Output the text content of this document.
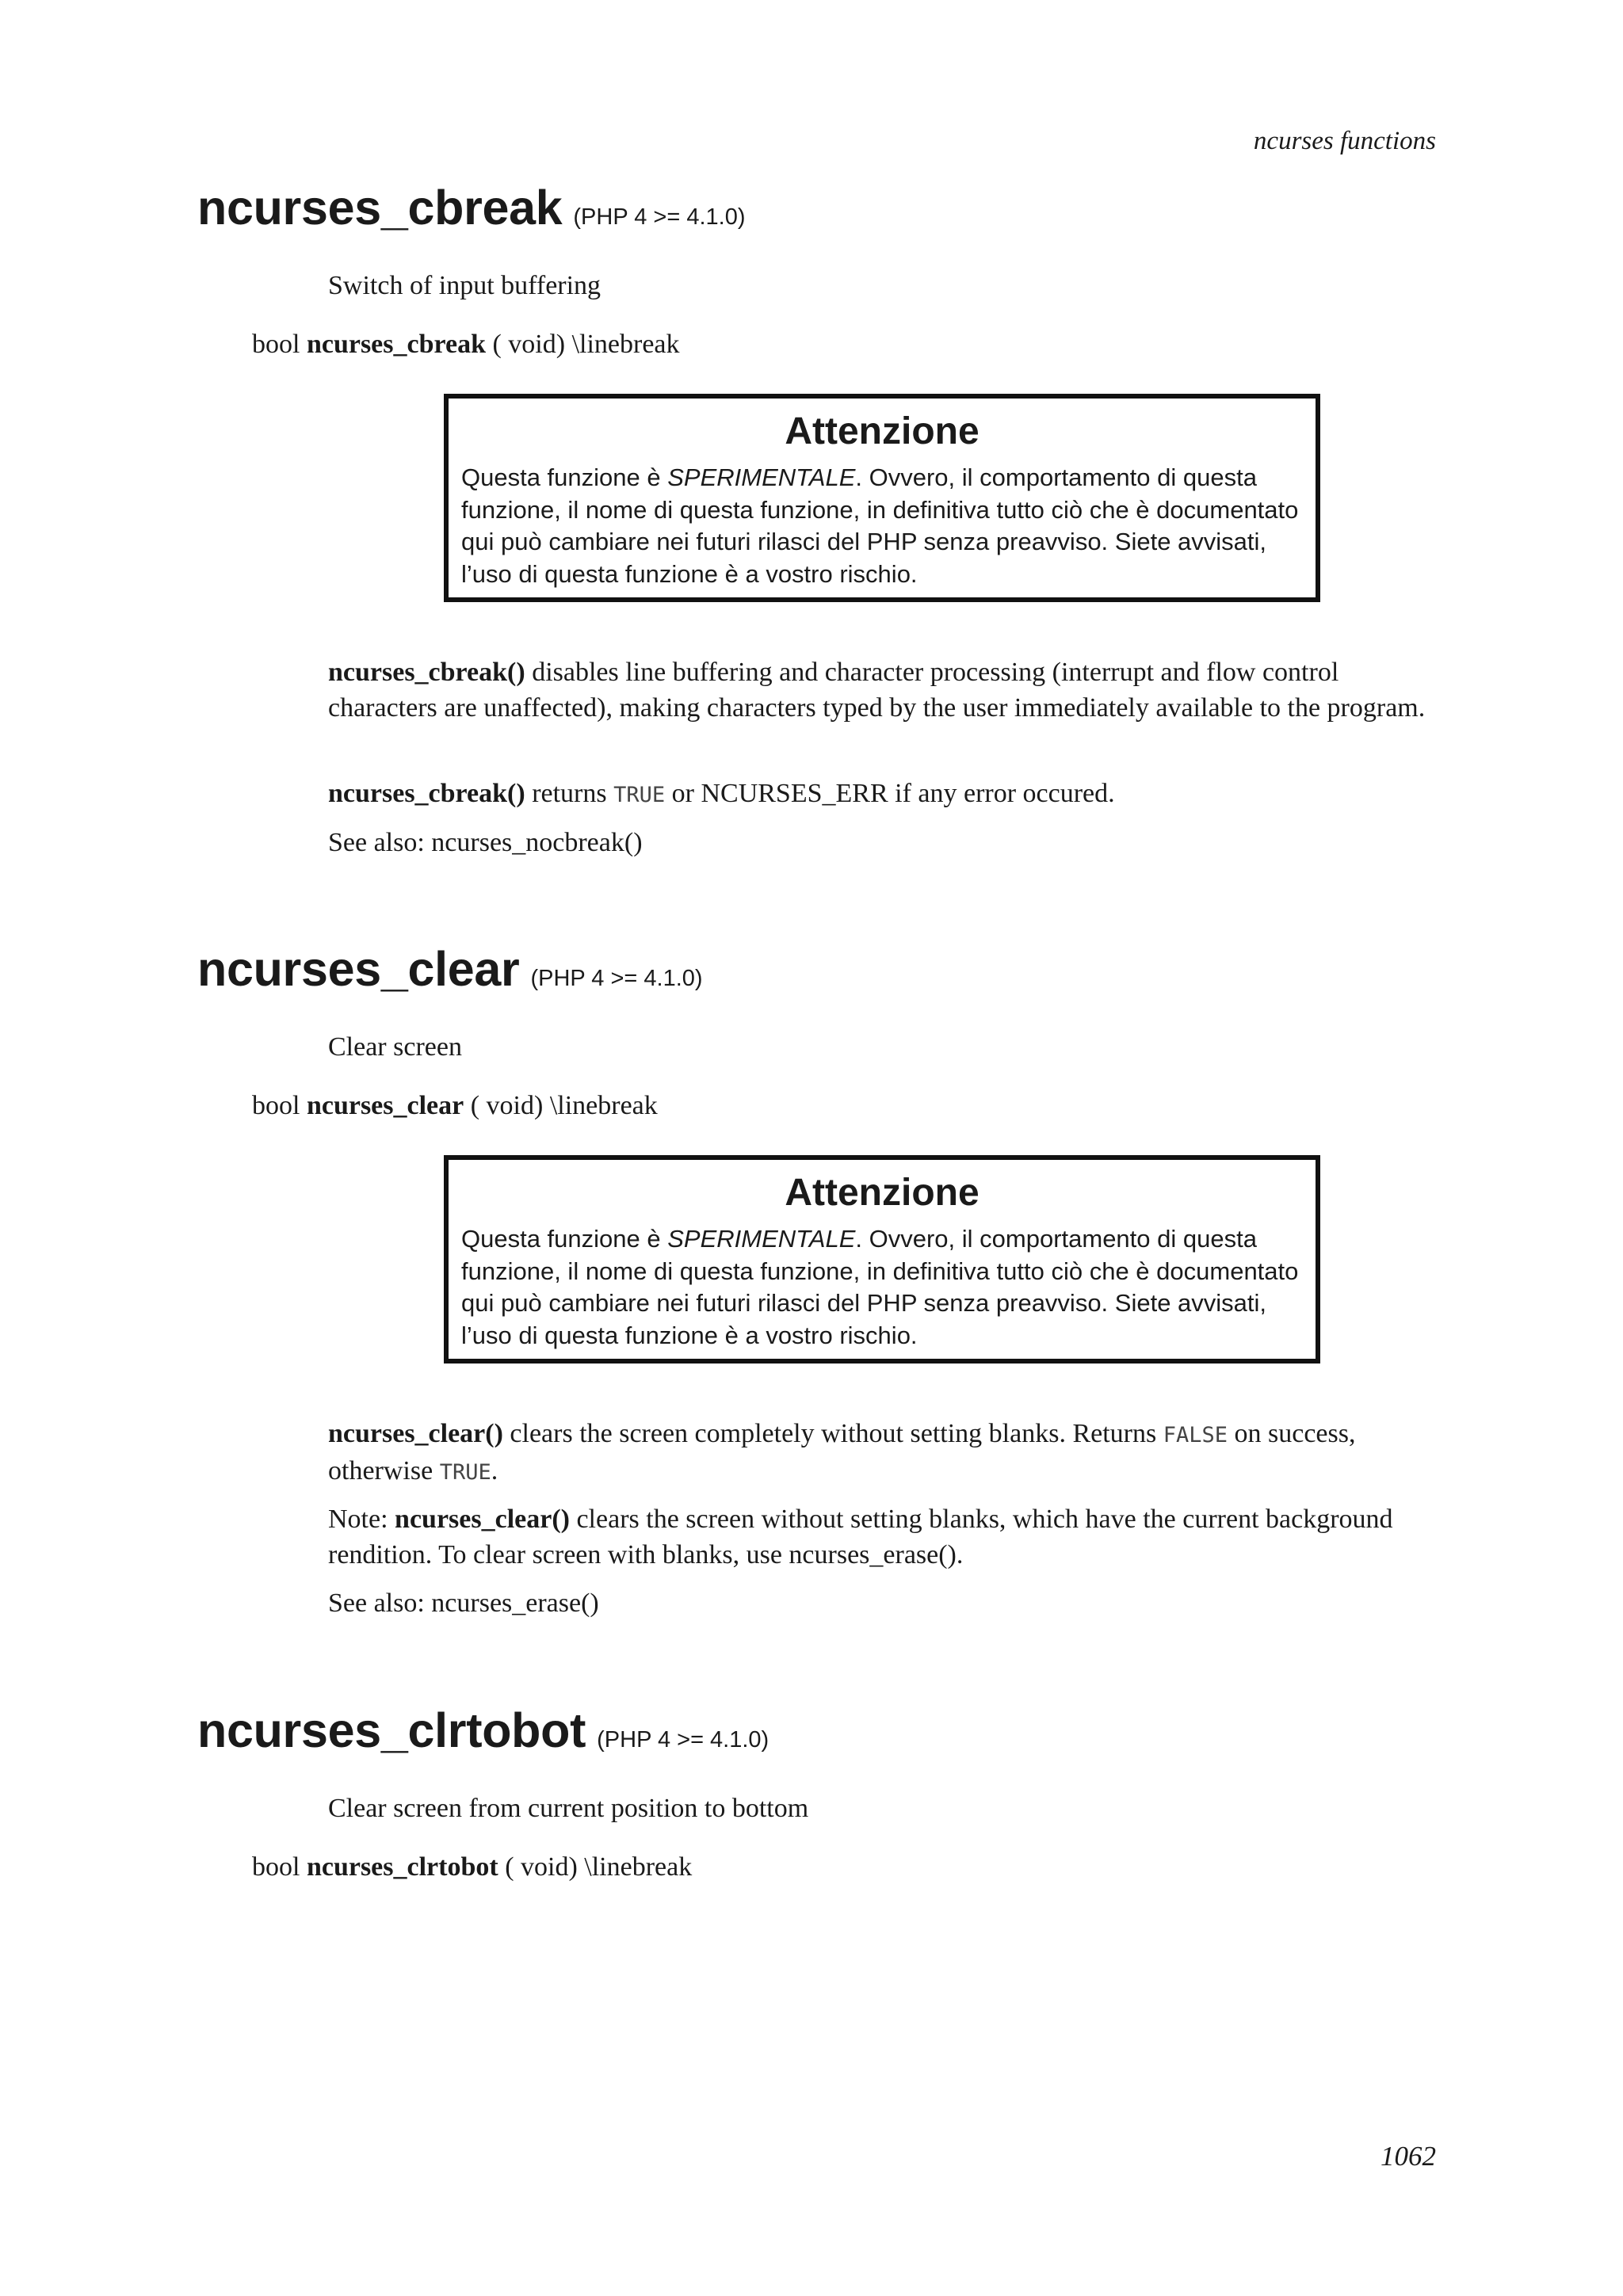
ncurses functions
ncurses_cbreak (PHP 4 >= 4.1.0)

Switch of input buffering

bool ncurses_cbreak ( void) \linebreak

Attenzione

Questa funzione è SPERIMENTALE. Ovvero, il comportamento di questa
funzione, il nome di questa funzione, in definitiva tutto ciò che è documentato
qui può cambiare nei futuri rilasci del PHP senza preavviso. Siete avvisati,
l’uso di questa funzione è a vostro rischio.

ncurses_cbreak() disables line buffering and character processing (interrupt and flow control characters are unaffected), making characters typed by the user immediately available to the program.

ncurses_cbreak() returns TRUE or NCURSES_ERR if any error occured.

See also: ncurses_nocbreak()

ncurses_clear (PHP 4 >= 4.1.0)

Clear screen

bool ncurses_clear ( void) \linebreak

Attenzione

Questa funzione è SPERIMENTALE. Ovvero, il comportamento di questa
funzione, il nome di questa funzione, in definitiva tutto ciò che è documentato
qui può cambiare nei futuri rilasci del PHP senza preavviso. Siete avvisati,
l’uso di questa funzione è a vostro rischio.

ncurses_clear() clears the screen completely without setting blanks. Returns FALSE on success, otherwise TRUE.

Note: ncurses_clear() clears the screen without setting blanks, which have the current background rendition. To clear screen with blanks, use ncurses_erase().

See also: ncurses_erase()

ncurses_clrtobot (PHP 4 >= 4.1.0)

Clear screen from current position to bottom

bool ncurses_clrtobot ( void) \linebreak

1062
